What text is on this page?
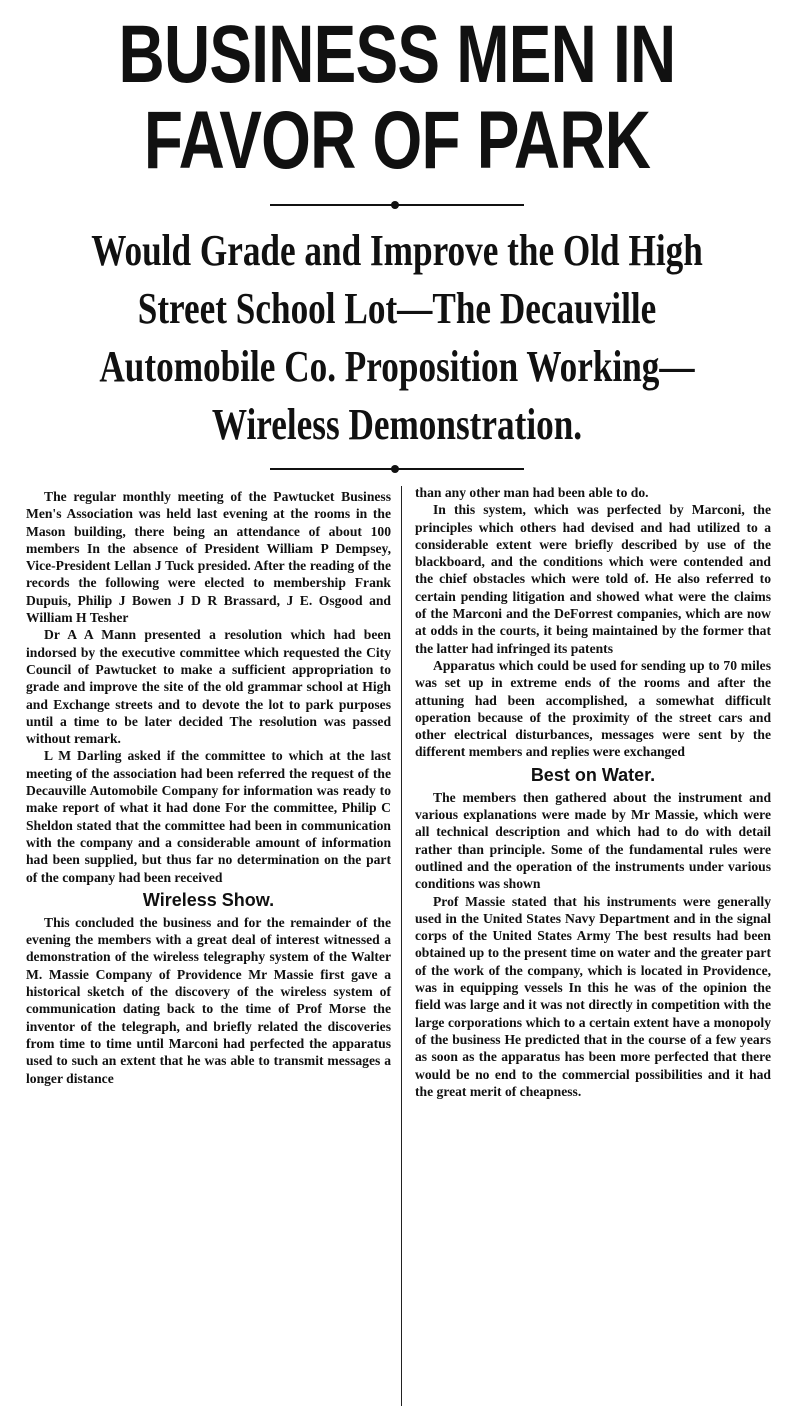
BUSINESS MEN IN FAVOR OF PARK
Would Grade and Improve the Old High Street School Lot—The Decauville Automobile Co. Proposition Working—Wireless Demonstration.

The regular monthly meeting of the Pawtucket Business Men's Association was held last evening at the rooms in the Mason building, there being an attendance of about 100 members In the absence of President William P Dempsey, Vice-President Lellan J Tuck presided. After the reading of the records the following were elected to membership Frank Dupuis, Philip J Bowen J D R Brassard, J E. Osgood and William H Tesher

Dr A A Mann presented a resolution which had been indorsed by the executive committee which requested the City Council of Pawtucket to make a sufficient appropriation to grade and improve the site of the old grammar school at High and Exchange streets and to devote the lot to park purposes until a time to be later decided The resolution was passed without remark.

L M Darling asked if the committee to which at the last meeting of the association had been referred the request of the Decauville Automobile Company for information was ready to make report of what it had done For the committee, Philip C Sheldon stated that the committee had been in communication with the company and a considerable amount of information had been supplied, but thus far no determination on the part of the company had been received

Wireless Show.

This concluded the business and for the remainder of the evening the members with a great deal of interest witnessed a demonstration of the wireless telegraphy system of the Walter M. Massie Company of Providence Mr Massie first gave a historical sketch of the discovery of the wireless system of communication dating back to the time of Prof Morse the inventor of the telegraph, and briefly related the discoveries from time to time until Marconi had perfected the apparatus used to such an extent that he was able to transmit messages a longer distance

than any other man had been able to do.

In this system, which was perfected by Marconi, the principles which others had devised and had utilized to a considerable extent were briefly described by use of the blackboard, and the conditions which were contended and the chief obstacles which were told of. He also referred to certain pending litigation and showed what were the claims of the Marconi and the DeForrest companies, which are now at odds in the courts, it being maintained by the former that the latter had infringed its patents

Apparatus which could be used for sending up to 70 miles was set up in extreme ends of the rooms and after the attuning had been accomplished, a somewhat difficult operation because of the proximity of the street cars and other electrical disturbances, messages were sent by the different members and replies were exchanged

Best on Water.

The members then gathered about the instrument and various explanations were made by Mr Massie, which were all technical description and which had to do with detail rather than principle. Some of the fundamental rules were outlined and the operation of the instruments under various conditions was shown

Prof Massie stated that his instruments were generally used in the United States Navy Department and in the signal corps of the United States Army The best results had been obtained up to the present time on water and the greater part of the work of the company, which is located in Providence, was in equipping vessels In this he was of the opinion the field was large and it was not directly in competition with the large corporations which to a certain extent have a monopoly of the business He predicted that in the course of a few years as soon as the apparatus has been more perfected that there would be no end to the commercial possibilities and it had the great merit of cheapness.
